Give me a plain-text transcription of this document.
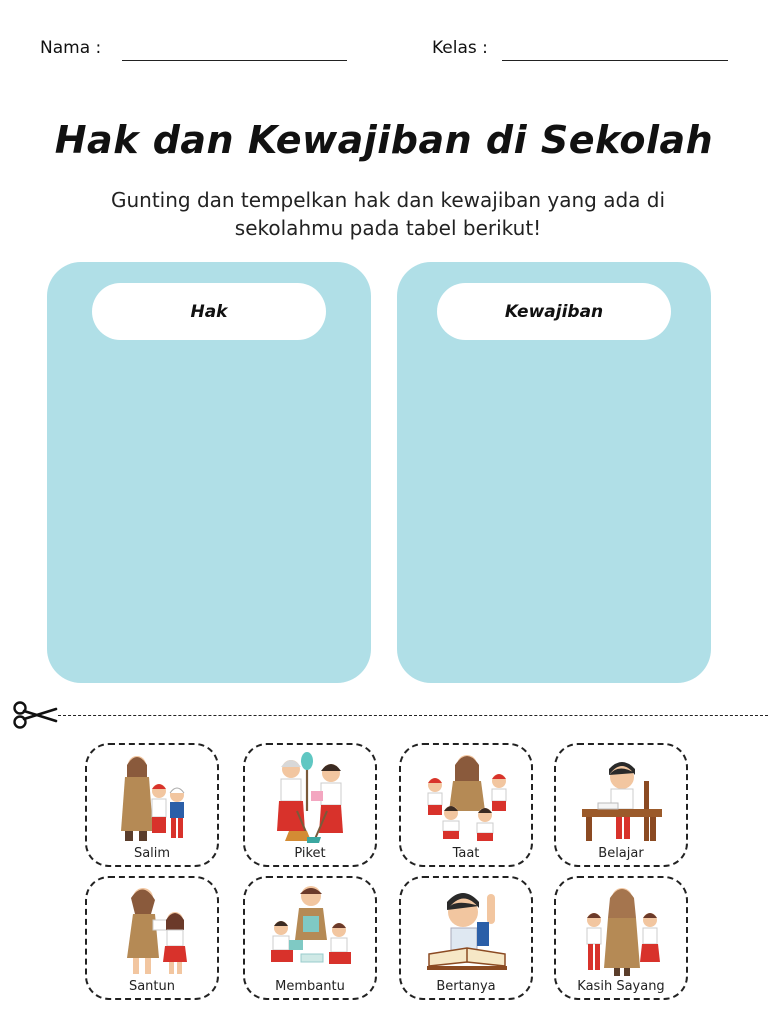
Nama :	Kelas :
Hak dan Kewajiban di Sekolah
Gunting dan tempelkan hak dan kewajiban yang ada di sekolahmu pada tabel berikut!
Hak	Kewajiban
Salim	Piket	Taat	Belajar
Santun	Membantu	Bertanya	Kasih Sayang
